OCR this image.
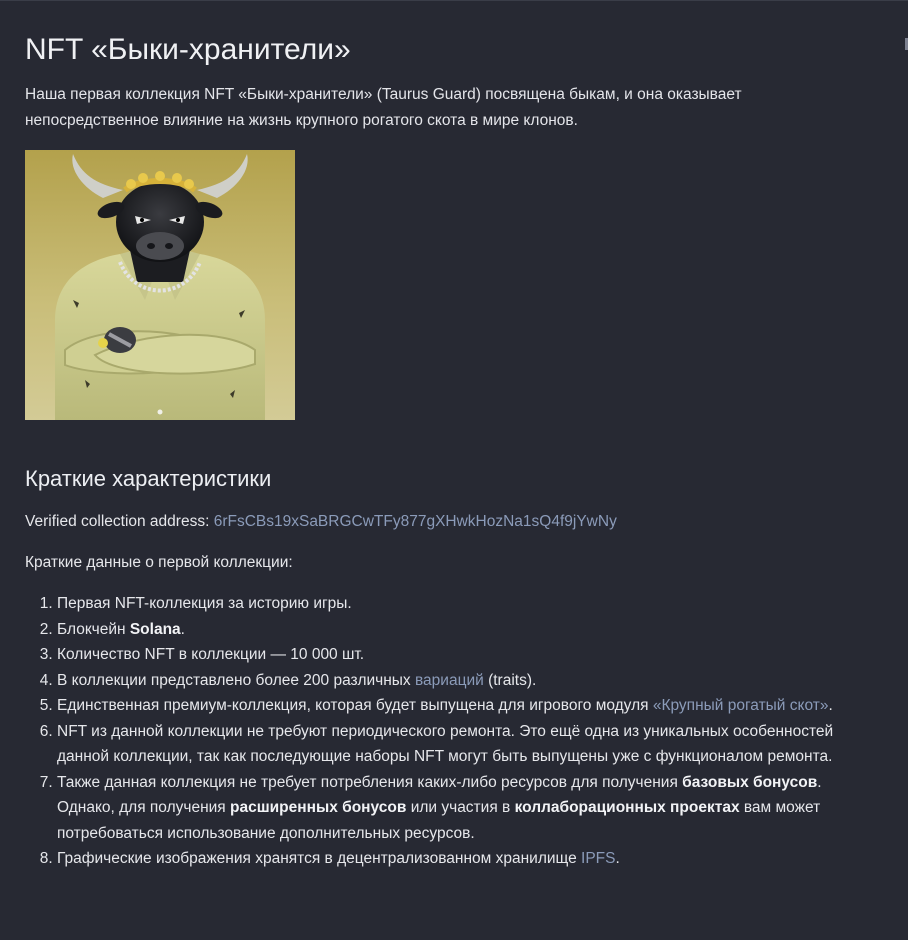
NFT «Быки-хранители»

Наша первая коллекция NFT «Быки-хранители» (Taurus Guard) посвящена быкам, и она оказывает непосредственное влияние на жизнь крупного рогатого скота в мире клонов.

Краткие характеристики

Verified collection address: 6rFsCBs19xSaBRGCwTFy877gXHwkHozNa1sQ4f9jYwNy

Краткие данные о первой коллекции:

1. Первая NFT-коллекция за историю игры.
2. Блокчейн Solana.
3. Количество NFT в коллекции — 10 000 шт.
4. В коллекции представлено более 200 различных вариаций (traits).
5. Единственная премиум-коллекция, которая будет выпущена для игрового модуля «Крупный рогатый скот».
6. NFT из данной коллекции не требуют периодического ремонта. Это ещё одна из уникальных особенностей данной коллекции, так как последующие наборы NFT могут быть выпущены уже с функционалом ремонта.
7. Также данная коллекция не требует потребления каких-либо ресурсов для получения базовых бонусов. Однако, для получения расширенных бонусов или участия в коллаборационных проектах вам может потребоваться использование дополнительных ресурсов.
8. Графические изображения хранятся в децентрализованном хранилище IPFS.
